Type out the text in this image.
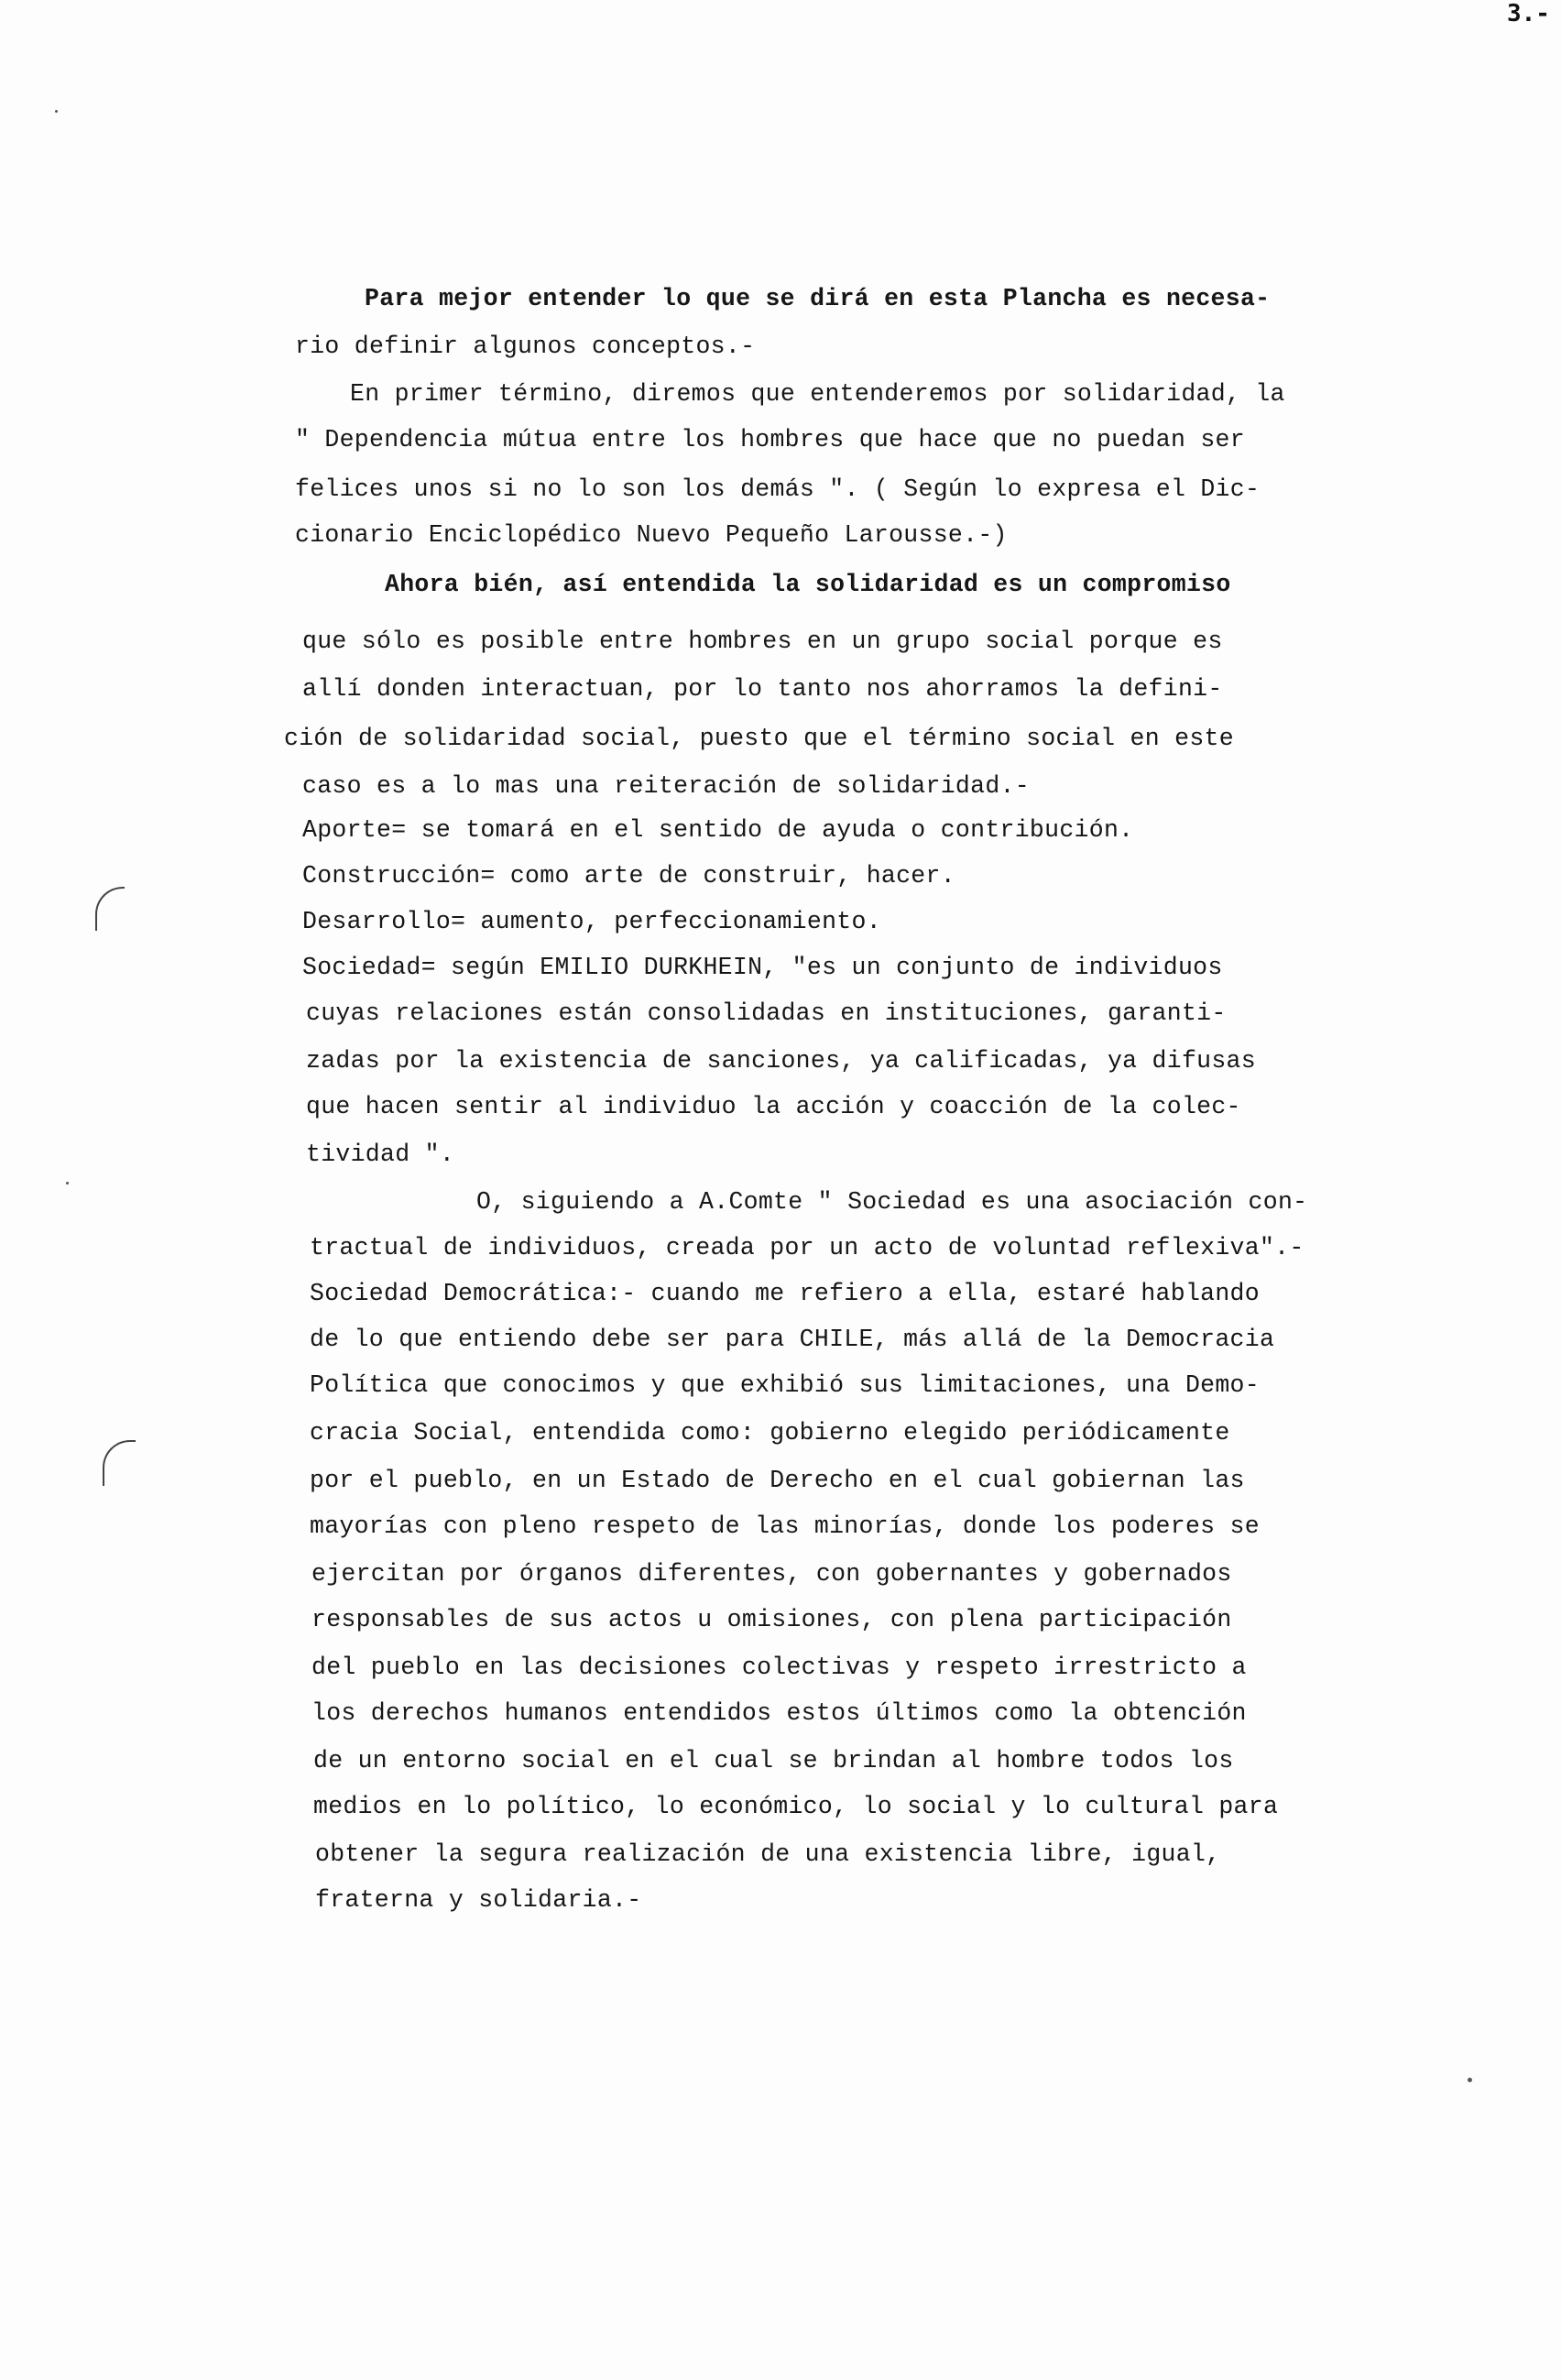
3.-
Para mejor entender lo que se dirá en esta Plancha es necesa-
rio definir algunos conceptos.-
En primer término, diremos que entenderemos por solidaridad, la
" Dependencia mútua entre los hombres que hace que no puedan ser
felices unos si no lo son los demás ". ( Según lo expresa el Dic-
cionario Enciclopédico Nuevo Pequeño Larousse.-)
Ahora bién, así entendida la solidaridad es un compromiso
que sólo es posible entre hombres en un grupo social porque es
allí donden interactuan, por lo tanto nos ahorramos la defini-
ción de solidaridad social, puesto que el término social en este
caso es a lo mas una reiteración de solidaridad.-
Aporte= se tomará en el sentido de ayuda o contribución.
Construcción= como arte de construir, hacer.
Desarrollo= aumento, perfeccionamiento.
Sociedad= según EMILIO DURKHEIN, "es un conjunto de individuos
cuyas relaciones están consolidadas en instituciones, garanti-
zadas por la existencia de sanciones, ya calificadas, ya difusas
que hacen sentir al individuo la acción y coacción de la colec-
tividad ".
O, siguiendo a A.Comte " Sociedad es una asociación con-
tractual de individuos, creada por un acto de voluntad reflexiva".-
Sociedad Democrática:- cuando me refiero a ella, estaré hablando
de lo que entiendo debe ser para CHILE, más allá de la Democracia
Política que conocimos y que exhibió sus limitaciones, una Demo-
cracia Social, entendida como: gobierno elegido periódicamente
por el pueblo, en un Estado de Derecho en el cual gobiernan las
mayorías con pleno respeto de las minorías, donde los poderes se
ejercitan por órganos diferentes, con gobernantes y gobernados
responsables de sus actos u omisiones, con plena participación
del pueblo en las decisiones colectivas y respeto irrestricto a
los derechos humanos entendidos estos últimos como la obtención
de un entorno social en el cual se brindan al hombre todos los
medios en lo político, lo económico, lo social y lo cultural para
obtener la segura realización de una existencia libre, igual,
fraterna y solidaria.-
